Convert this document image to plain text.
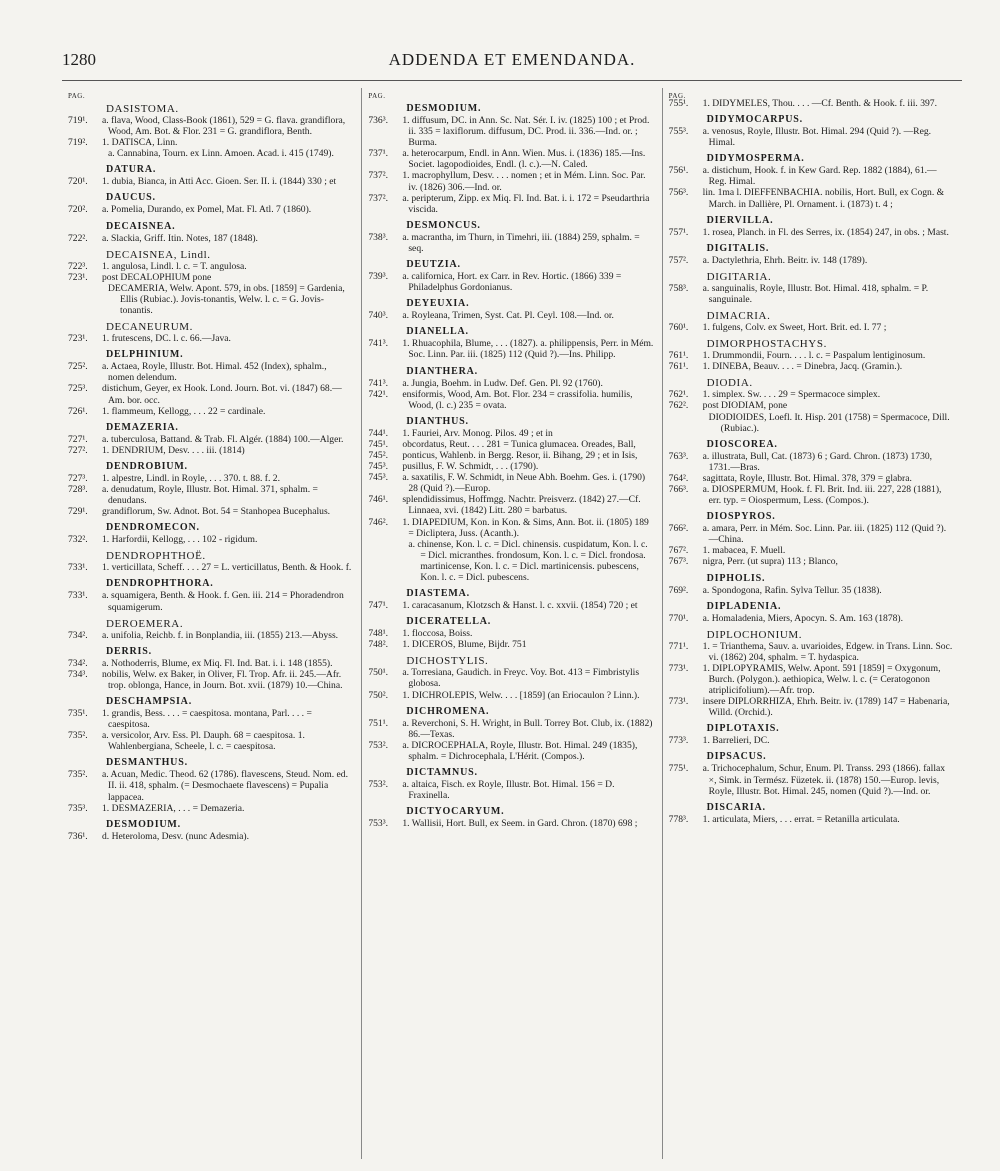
1280	ADDENDA ET EMENDANDA.
PAG.
DASISTOMA.
719¹. a. flava, Wood, Class-Book (1861), 529 = G. flava. grandiflora, Wood, Am. Bot. & Flor. 231 = G. grandiflora, Benth.
719². 1. DATISCA, Linn.
a. Cannabina, Tourn. ex Linn. Amoen. Acad. i. 415 (1749).
DATURA.
720¹. 1. dubia, Bianca, in Atti Acc. Gioen. Ser. II. i. (1844) 330 ; et
DAUCUS.
720². a. Pomelia, Durando, ex Pomel, Mat. Fl. Atl. 7 (1860).
DECAISNEA.
722². a. Slackia, Griff. Itin. Notes, 187 (1848).
DECAISNEA, Lindl.
722³. 1. angulosa, Lindl. l. c. = T. angulosa.
723¹. post DECALOPHIUM pone
DECAMERIA, Welw. Apont. 579, in obs. [1859] = Gardenia, Ellis (Rubiac.). Jovis-tonantis, Welw. l. c. = G. Jovis-tonantis.
DECANEURUM.
723¹. 1. frutescens, DC. l. c. 66.—Java.
DELPHINIUM.
725². a. Actaea, Royle, Illustr. Bot. Himal. 452 (Index), sphalm., nomen delendum.
725³. distichum, Geyer, ex Hook. Lond. Journ. Bot. vi. (1847) 68.—Am. bor. occ.
726¹. 1. flammeum, Kellogg, . . . 22 = cardinale.
DEMAZERIA.
727¹. a. tuberculosa, Battand. & Trab. Fl. Algér. (1884) 100.—Alger.
727². 1. DENDRIUM, Desv. . . . iii. (1814)
DENDROBIUM.
727³. 1. alpestre, Lindl. in Royle, . . . 370. t. 88. f. 2.
728³. a. denudatum, Royle, Illustr. Bot. Himal. 371, sphalm. = denudans.
729¹. grandiflorum, Sw. Adnot. Bot. 54 = Stanhopea Bucephalus.
DENDROMECON.
732². 1. Harfordii, Kellogg, . . . 102 - rigidum.
DENDROPHTHOË.
733¹. 1. verticillata, Scheff. . . . 27 = L. verticillatus, Benth. & Hook. f.
DENDROPHTHORA.
733¹. a. squamigera, Benth. & Hook. f. Gen. iii. 214 = Phoradendron squamigerum.
DEROEMERA.
734². a. unifolia, Reichb. f. in Bonplandia, iii. (1855) 213.—Abyss.
DERRIS.
734². a. Nothoderris, Blume, ex Miq. Fl. Ind. Bat. i. i. 148 (1855).
734³. nobilis, Welw. ex Baker, in Oliver, Fl. Trop. Afr. ii. 245.—Afr. trop. oblonga, Hance, in Journ. Bot. xvii. (1879) 10.—China.
DESCHAMPSIA.
735¹. 1. grandis, Bess. . . . = caespitosa. montana, Parl. . . . = caespitosa.
735². a. versicolor, Arv. Ess. Pl. Dauph. 68 = caespitosa. 1. Wahlenbergiana, Scheele, l. c. = caespitosa.
DESMANTHUS.
735². a. Acuan, Medic. Theod. 62 (1786). flavescens, Steud. Nom. ed. II. ii. 418, sphalm. (= Desmochaete flavescens) = Pupalia lappacea.
735³. 1. DESMAZERIA, . . . = Demazeria.
DESMODIUM.
736¹. d. Heteroloma, Desv. (nunc Adesmia).
PAG.
DESMODIUM.
736³. 1. diffusum, DC. in Ann. Sc. Nat. Sér. I. iv. (1825) 100 ; et Prod. ii. 335 = laxiflorum. diffusum, DC. Prod. ii. 336.—Ind. or. ; Burma.
737¹. a. heterocarpum, Endl. in Ann. Wien. Mus. i. (1836) 185.—Ins. Societ. lagopodioides, Endl. (l. c.).—N. Caled.
737². 1. macrophyllum, Desv. . . . nomen ; et in Mém. Linn. Soc. Par. iv. (1826) 306.—Ind. or.
737². a. peripterum, Zipp. ex Miq. Fl. Ind. Bat. i. i. 172 = Pseudarthria viscida.
DESMONCUS.
738³. a. macrantha, im Thurn, in Timehri, iii. (1884) 259, sphalm. = seq.
DEUTZIA.
739³. a. californica, Hort. ex Carr. in Rev. Hortic. (1866) 339 = Philadelphus Gordonianus.
DEYEUXIA.
740³. a. Royleana, Trimen, Syst. Cat. Pl. Ceyl. 108.—Ind. or.
DIANELLA.
741³. 1. Rhuacophila, Blume, . . . (1827). a. philippensis, Perr. in Mém. Soc. Linn. Par. iii. (1825) 112 (Quid ?).—Ins. Philipp.
DIANTHERA.
741³. a. Jungia, Boehm. in Ludw. Def. Gen. Pl. 92 (1760).
742¹. ensiformis, Wood, Am. Bot. Flor. 234 = crassifolia. humilis, Wood, (l. c.) 235 = ovata.
DIANTHUS.
744¹. 1. Fauriei, Arv. Monog. Pilos. 49 ; et in
745¹. obcordatus, Reut. . . . 281 = Tunica glumacea. Oreades, Ball,
745². ponticus, Wahlenb. in Bergg. Resor, ii. Bihang, 29 ; et in Isis,
745³. pusillus, F. W. Schmidt, . . . (1790).
745³. a. saxatilis, F. W. Schmidt, in Neue Abh. Boehm. Ges. i. (1790) 28 (Quid ?).—Europ.
746¹. splendidissimus, Hoffmgg. Nachtr. Preisverz. (1842) 27.—Cf. Linnaea, xvi. (1842) Litt. 280 = barbatus.
746². 1. DIAPEDIUM, Kon. in Kon. & Sims, Ann. Bot. ii. (1805) 189 = Dicliptera, Juss. (Acanth.).
a. chinense, Kon. l. c. = Dicl. chinensis. cuspidatum, Kon. l. c. = Dicl. micranthes. frondosum, Kon. l. c. = Dicl. frondosa. martinicense, Kon. l. c. = Dicl. martinicensis. pubescens, Kon. l. c. = Dicl. pubescens.
DIASTEMA.
747¹. 1. caracasanum, Klotzsch & Hanst. l. c. xxvii. (1854) 720 ; et
DICERATELLA.
748¹. 1. floccosa, Boiss.
748². 1. DICEROS, Blume, Bijdr. 751
DICHOSTYLIS.
750¹. a. Torresiana, Gaudich. in Freyc. Voy. Bot. 413 = Fimbristylis globosa.
750². 1. DICHROLEPIS, Welw. . . . [1859] (an Eriocaulon ? Linn.).
DICHROMENA.
751¹. a. Reverchoni, S. H. Wright, in Bull. Torrey Bot. Club, ix. (1882) 86.—Texas.
753². a. DICROCEPHALA, Royle, Illustr. Bot. Himal. 249 (1835), sphalm. = Dichrocephala, L'Hérit. (Compos.).
DICTAMNUS.
753². a. altaica, Fisch. ex Royle, Illustr. Bot. Himal. 156 = D. Fraxinella.
DICTYOCARYUM.
753³. 1. Wallisii, Hort. Bull, ex Seem. in Gard. Chron. (1870) 698 ;
PAG.
755¹. 1. DIDYMELES, Thou. . . . —Cf. Benth. & Hook. f. iii. 397.
DIDYMOCARPUS.
755³. a. venosus, Royle, Illustr. Bot. Himal. 294 (Quid ?). —Reg. Himal.
DIDYMOSPERMA.
756¹. a. distichum, Hook. f. in Kew Gard. Rep. 1882 (1884), 61.—Reg. Himal.
756³. lin. 1ma l. DIEFFENBACHIA. nobilis, Hort. Bull, ex Cogn. & March. in Dallière, Pl. Ornament. i. (1873) t. 4 ;
DIERVILLA.
757¹. 1. rosea, Planch. in Fl. des Serres, ix. (1854) 247, in obs. ; Mast.
DIGITALIS.
757². a. Dactylethria, Ehrh. Beitr. iv. 148 (1789).
DIGITARIA.
758³. a. sanguinalis, Royle, Illustr. Bot. Himal. 418, sphalm. = P. sanguinale.
DIMACRIA.
760¹. 1. fulgens, Colv. ex Sweet, Hort. Brit. ed. I. 77 ;
DIMORPHOSTACHYS.
761¹. 1. Drummondii, Fourn. . . . l. c. = Paspalum lentiginosum.
761¹. 1. DINEBA, Beauv. . . . = Dinebra, Jacq. (Gramin.).
DIODIA.
762¹. 1. simplex. Sw. . . . 29 = Spermacoce simplex.
762². post DIODIAM, pone
DIODIOIDES, Loefl. It. Hisp. 201 (1758) = Spermacoce, Dill. (Rubiac.).
DIOSCOREA.
763³. a. illustrata, Bull, Cat. (1873) 6 ; Gard. Chron. (1873) 1730, 1731.—Bras.
764². sagittata, Royle, Illustr. Bot. Himal. 378, 379 = glabra.
766³. a. DIOSPERMUM, Hook. f. Fl. Brit. Ind. iii. 227, 228 (1881), err. typ. = Oiospermum, Less. (Compos.).
DIOSPYROS.
766². a. amara, Perr. in Mém. Soc. Linn. Par. iii. (1825) 112 (Quid ?).—China.
767². 1. mabacea, F. Muell.
767³. nigra, Perr. (ut supra) 113 ; Blanco,
DIPHOLIS.
769². a. Spondogona, Rafin. Sylva Tellur. 35 (1838).
DIPLADENIA.
770¹. a. Homaladenia, Miers, Apocyn. S. Am. 163 (1878).
DIPLOCHONIUM.
771¹. 1. = Trianthema, Sauv. a. uvarioides, Edgew. in Trans. Linn. Soc. vi. (1862) 204, sphalm. = T. hydaspica.
773¹. 1. DIPLOPYRAMIS, Welw. Apont. 591 [1859] = Oxygonum, Burch. (Polygon.). aethiopica, Welw. l. c. (= Ceratogonon atriplicifolium).—Afr. trop.
773¹. insere DIPLORRHIZA, Ehrh. Beitr. iv. (1789) 147 = Habenaria, Willd. (Orchid.).
DIPLOTAXIS.
773³. 1. Barrelieri, DC.
DIPSACUS.
775¹. a. Trichocephalum, Schur, Enum. Pl. Transs. 293 (1866). fallax ×, Simk. in Termész. Füzetek. ii. (1878) 150.—Europ. levis, Royle, Illustr. Bot. Himal. 245, nomen (Quid ?).—Ind. or.
DISCARIA.
778³. 1. articulata, Miers, . . . errat. = Retanilla articulata.
